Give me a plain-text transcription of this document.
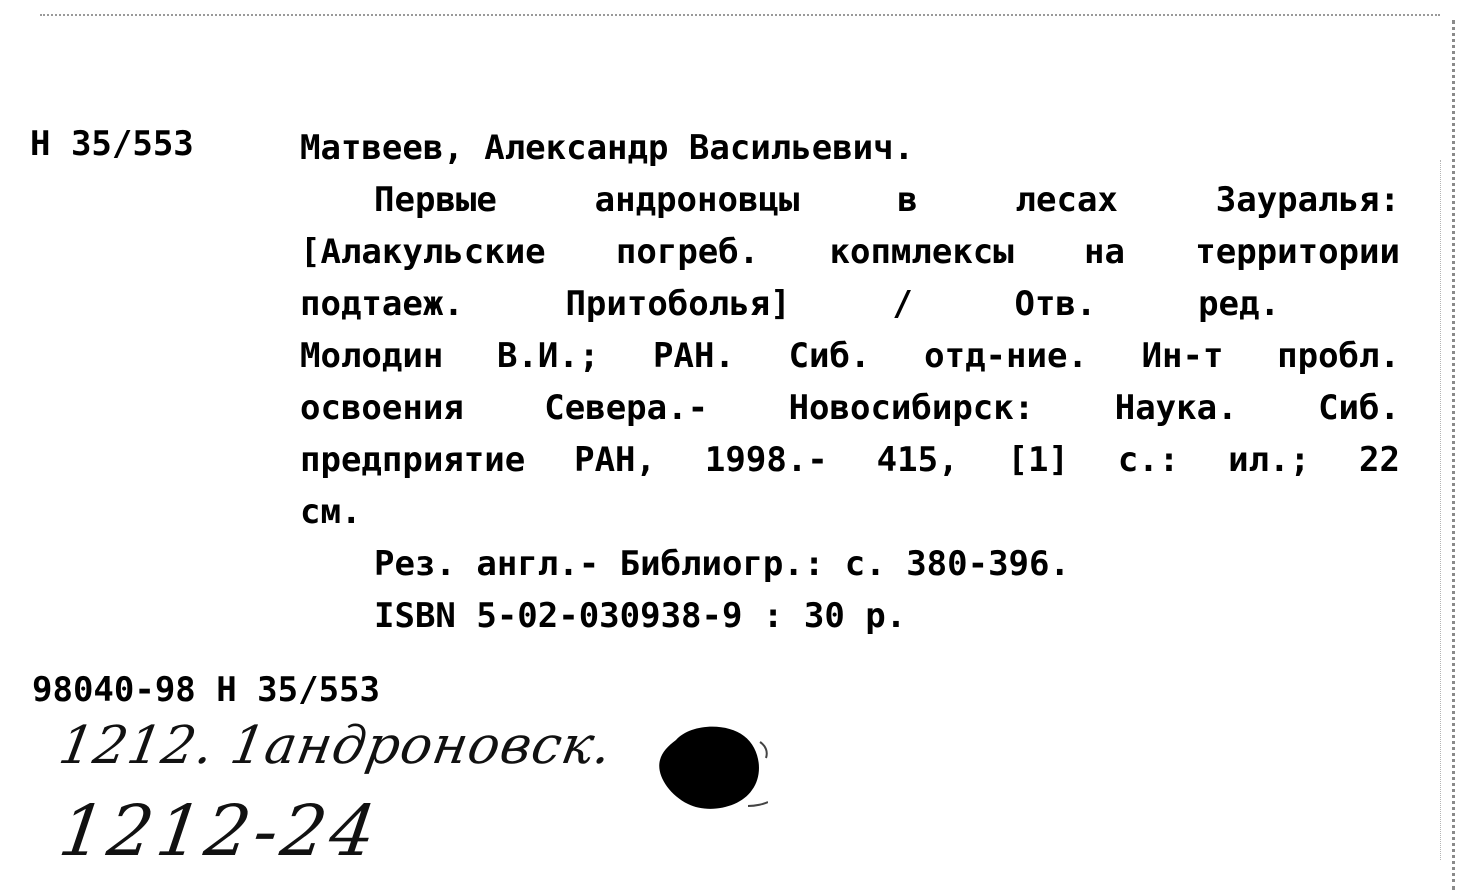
Н 35/553	Матвеев, Александр Васильевич.
Первые	андроновцы	в	лесах	Зауралья:
[Алакульские погреб. копмлексы на территории
подтаеж.	Притоболья]	/	Отв.	ред.
Молодин В.И.; РАН. Сиб. отд-ние. Ин-т пробл.
освоения Севера.- Новосибирск: Наука. Сиб.
предприятие РАН, 1998.- 415, [1] с.: ил.; 22
см.
Рез. англ.- Библиогр.: с. 380-396.
ISBN 5-02-030938-9 : 30 р.
98040-98 Н 35/553
1212. 1андроновск.
1212-24
